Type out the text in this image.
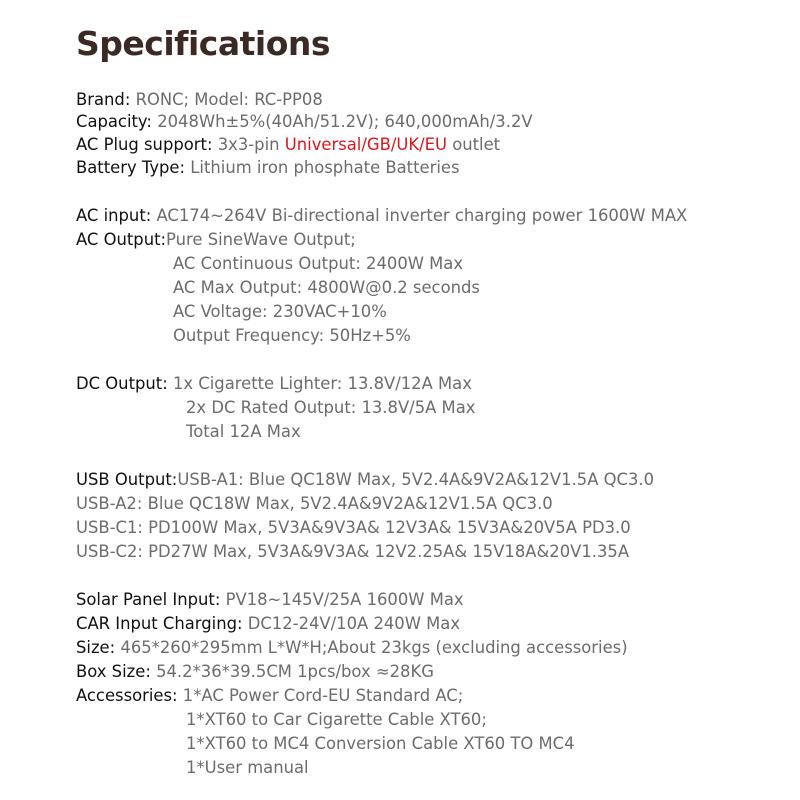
Specifications
Brand: RONC; Model: RC-PP08
Capacity: 2048Wh±5%(40Ah/51.2V); 640,000mAh/3.2V
AC Plug support: 3x3-pin Universal/GB/UK/EU outlet
Battery Type: Lithium iron phosphate Batteries
AC input: AC174~264V Bi-directional inverter charging power 1600W MAX
AC Output:Pure SineWave Output;
AC Continuous Output: 2400W Max
AC Max Output: 4800W@0.2 seconds
AC Voltage: 230VAC+10%
Output Frequency: 50Hz+5%
DC Output: 1x Cigarette Lighter: 13.8V/12A Max
2x DC Rated Output: 13.8V/5A Max
Total 12A Max
USB Output:USB-A1: Blue QC18W Max, 5V2.4A&9V2A&12V1.5A QC3.0
USB-A2: Blue QC18W Max, 5V2.4A&9V2A&12V1.5A QC3.0
USB-C1: PD100W Max, 5V3A&9V3A& 12V3A& 15V3A&20V5A PD3.0
USB-C2: PD27W Max, 5V3A&9V3A& 12V2.25A& 15V18A&20V1.35A
Solar Panel Input: PV18~145V/25A 1600W Max
CAR Input Charging: DC12-24V/10A 240W Max
Size: 465*260*295mm L*W*H;About 23kgs (excluding accessories)
Box Size: 54.2*36*39.5CM 1pcs/box ≈28KG
Accessories: 1*AC Power Cord-EU Standard AC;
1*XT60 to Car Cigarette Cable XT60;
1*XT60 to MC4 Conversion Cable XT60 TO MC4
1*User manual
